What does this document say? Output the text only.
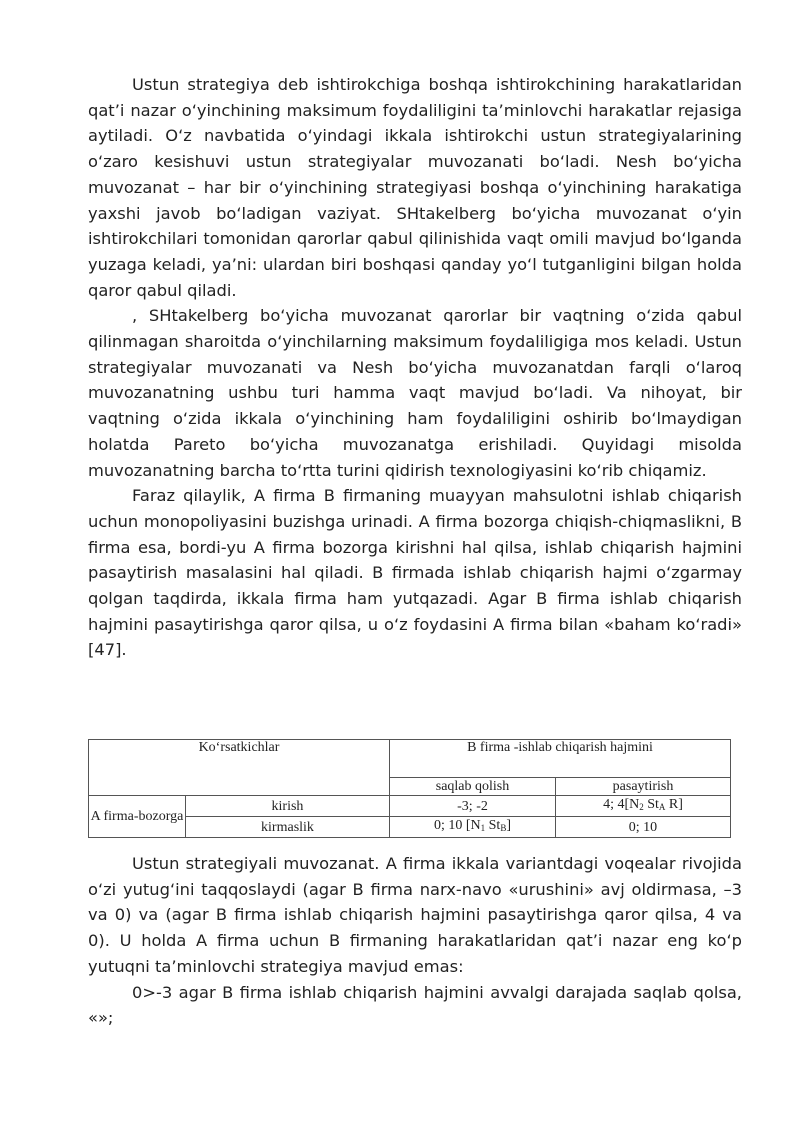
Ustun strategiya deb ishtirokchiga boshqa ishtirokchining harakatlaridan qat’i nazar o‘yinchining maksimum foydaliligini ta’minlovchi harakatlar rejasiga aytiladi. O‘z navbatida o‘yindagi ikkala ishtirokchi ustun strategiyalarining o‘zaro kesishuvi ustun strategiyalar muvozanati bo‘ladi. Nesh bo‘yicha muvozanat – har bir o‘yinchining strategiyasi boshqa o‘yinchining harakatiga yaxshi javob bo‘ladigan vaziyat. SHtakelberg bo‘yicha muvozanat o‘yin ishtirokchilari tomonidan qarorlar qabul qilinishida vaqt omili mavjud bo‘lganda yuzaga keladi, ya’ni: ulardan biri boshqasi qanday yo‘l tutganligini bilgan holda qaror qabul qiladi.

, SHtakelberg bo‘yicha muvozanat qarorlar bir vaqtning o‘zida qabul qilinmagan sharoitda o‘yinchilarning maksimum foydaliligiga mos keladi. Ustun strategiyalar muvozanati va Nesh bo‘yicha muvozanatdan farqli o‘laroq muvozanatning ushbu turi hamma vaqt mavjud bo‘ladi. Va nihoyat, bir vaqtning o‘zida ikkala o‘yinchining ham foydaliligini oshirib bo‘lmaydigan holatda Pareto bo‘yicha muvozanatga erishiladi. Quyidagi misolda muvozanatning barcha to‘rtta turini qidirish texnologiyasini ko‘rib chiqamiz.

Faraz qilaylik, A firma B firmaning muayyan mahsulotni ishlab chiqarish uchun monopoliyasini buzishga urinadi. A firma bozorga chiqish-chiqmaslikni, B firma esa, bordi-yu A firma bozorga kirishni hal qilsa, ishlab chiqarish hajmini pasaytirish masalasini hal qiladi. B firmada ishlab chiqarish hajmi o‘zgarmay qolgan taqdirda, ikkala firma ham yutqazadi. Agar B firma ishlab chiqarish hajmini pasaytirishga qaror qilsa, u o‘z foydasini A firma bilan «baham ko‘radi» [47].

Ko‘rsatkichlar		B firma -ishlab chiqarish hajmini	
		saqlab qolish	pasaytirish
A firma-bozorga	kirish	-3; -2	4; $4[N_2$ $St_A$ R]
	kirmaslik	0; 10 [$N_1$ $St_B$]	0; 10

Ustun strategiyali muvozanat. A firma ikkala variantdagi voqealar rivojida o‘zi yutug‘ini taqqoslaydi (agar B firma narx-navo «urushini» avj oldirmasa, –3 va 0) va (agar B firma ishlab chiqarish hajmini pasaytirishga qaror qilsa, 4 va 0). U holda A firma uchun B firmaning harakatlaridan qat’i nazar eng ko‘p yutuqni ta’minlovchi strategiya mavjud emas:

0>-3 agar B firma ishlab chiqarish hajmini avvalgi darajada saqlab qolsa, «»;
